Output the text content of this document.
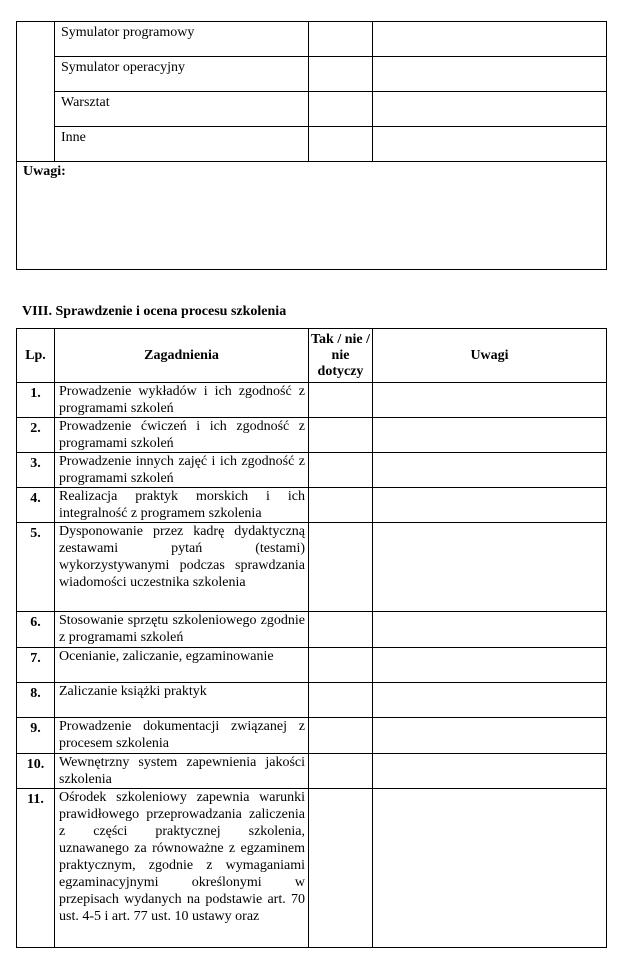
	Symulator programowy		
	Symulator operacyjny		
	Warsztat		
	Inne		
Uwagi:			
VIII. Sprawdzenie i ocena procesu szkolenia
Lp.	Zagadnienia	Tak / nie / nie dotyczy	Uwagi
1.	Prowadzenie wykładów i ich zgodność z programami szkoleń		
2.	Prowadzenie ćwiczeń i ich zgodność z programami szkoleń		
3.	Prowadzenie innych zajęć i ich zgodność z programami szkoleń		
4.	Realizacja praktyk morskich i ich integralność z programem szkolenia		
5.	Dysponowanie przez kadrę dydaktyczną zestawami pytań (testami) wykorzystywanymi podczas sprawdzania wiadomości uczestnika szkolenia		
6.	Stosowanie sprzętu szkoleniowego zgodnie z programami szkoleń		
7.	Ocenianie, zaliczanie, egzaminowanie		
8.	Zaliczanie książki praktyk		
9.	Prowadzenie dokumentacji związanej z procesem szkolenia		
10.	Wewnętrzny system zapewnienia jakości szkolenia		
11.	Ośrodek szkoleniowy zapewnia warunki prawidłowego przeprowadzania zaliczenia z części praktycznej szkolenia, uznawanego za równoważne z egzaminem praktycznym, zgodnie z wymaganiami egzaminacyjnymi określonymi w przepisach wydanych na podstawie art. 70 ust. 4-5 i art. 77 ust. 10 ustawy oraz		
